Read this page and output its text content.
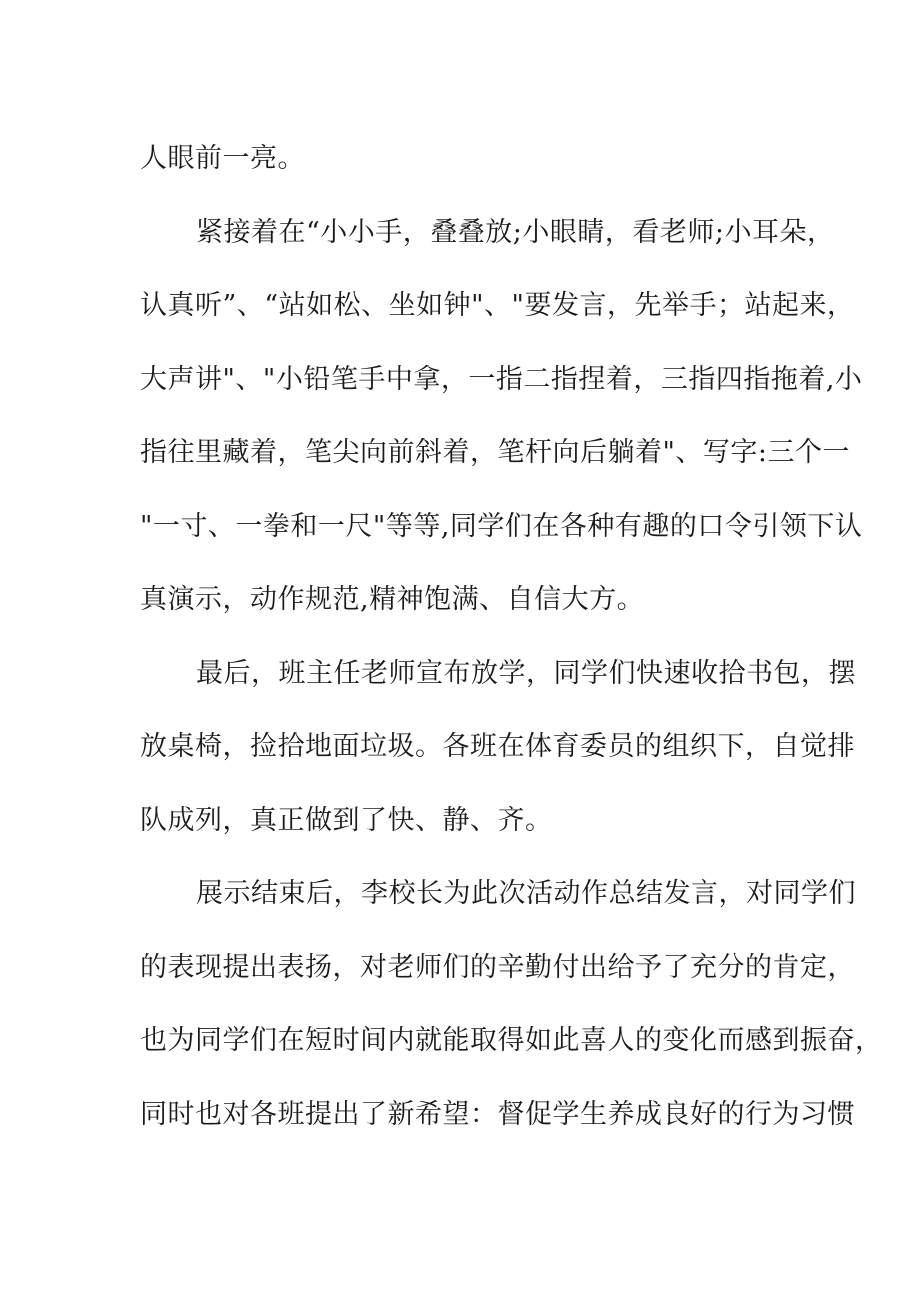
人眼前一亮。
紧接着在“小小手，叠叠放;小眼睛，看老师;小耳朵，
认真听”、“站如松、坐如钟"、"要发言，先举手；站起来，
大声讲"、"小铅笔手中拿，一指二指捏着，三指四指拖着,小
指往里藏着，笔尖向前斜着，笔杆向后躺着"、写字:三个一
"一寸、一拳和一尺"等等,同学们在各种有趣的口令引领下认
真演示，动作规范,精神饱满、自信大方。
最后，班主任老师宣布放学，同学们快速收拾书包，摆
放桌椅，捡拾地面垃圾。各班在体育委员的组织下，自觉排
队成列，真正做到了快、静、齐。
展示结束后，李校长为此次活动作总结发言，对同学们
的表现提出表扬，对老师们的辛勤付出给予了充分的肯定，
也为同学们在短时间内就能取得如此喜人的变化而感到振奋，
同时也对各班提出了新希望：督促学生养成良好的行为习惯
